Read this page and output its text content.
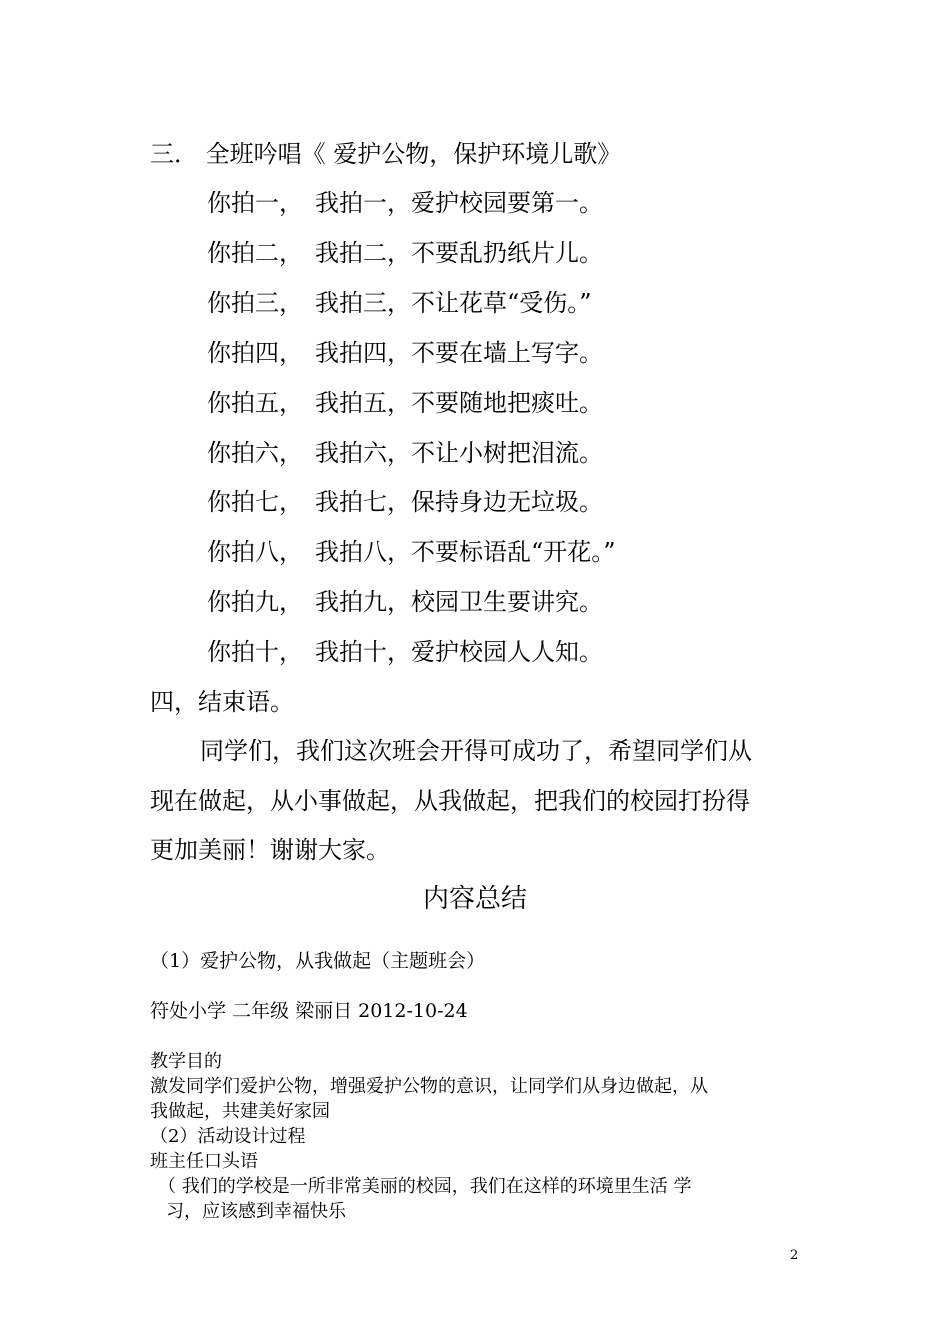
三． 全班吟唱《 爱护公物，保护环境儿歌》
你拍一， 我拍一，爱护校园要第一。
你拍二， 我拍二，不要乱扔纸片儿。
你拍三， 我拍三，不让花草“受伤。”
你拍四， 我拍四，不要在墙上写字。
你拍五， 我拍五，不要随地把痰吐。
你拍六， 我拍六，不让小树把泪流。
你拍七， 我拍七，保持身边无垃圾。
你拍八， 我拍八，不要标语乱“开花。”
你拍九， 我拍九，校园卫生要讲究。
你拍十， 我拍十，爱护校园人人知。
四，结束语。
同学们，我们这次班会开得可成功了，希望同学们从
现在做起，从小事做起，从我做起，把我们的校园打扮得
更加美丽！谢谢大家。
内容总结
（1）爱护公物，从我做起（主题班会）
符处小学 二年级 梁丽日 2012-10-24
教学目的
激发同学们爱护公物，增强爱护公物的意识，让同学们从身边做起，从
我做起，共建美好家园
（2）活动设计过程
班主任口头语
（ 我们的学校是一所非常美丽的校园，我们在这样的环境里生活 学
习，应该感到幸福快乐
2
